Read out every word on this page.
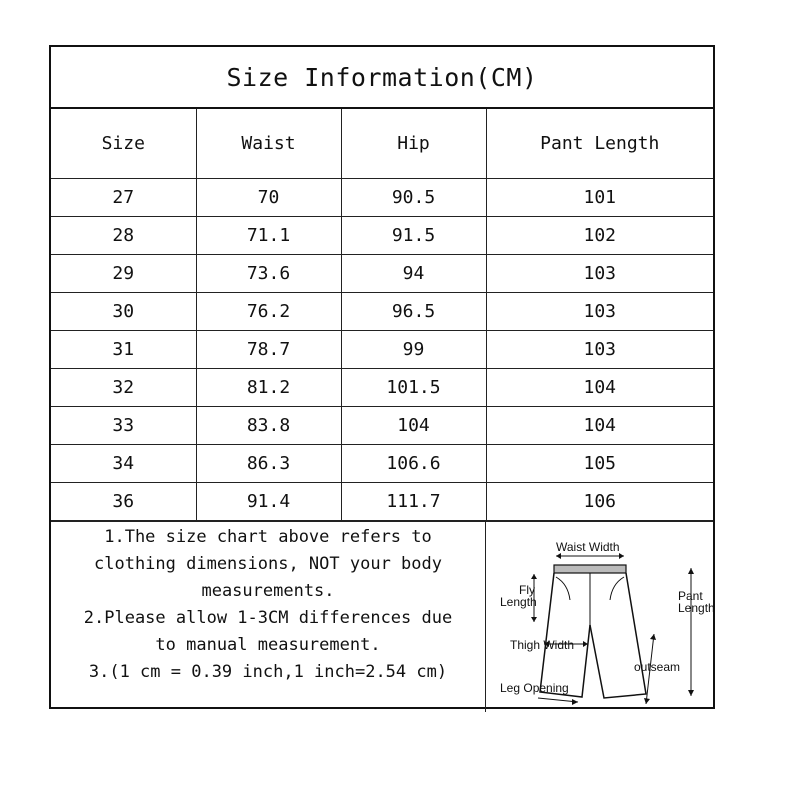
Size Information(CM)
Size	Waist	Hip	Pant Length
27	70	90.5	101
28	71.1	91.5	102
29	73.6	94	103
30	76.2	96.5	103
31	78.7	99	103
32	81.2	101.5	104
33	83.8	104	104
34	86.3	106.6	105
36	91.4	111.7	106
1.The size chart above refers to
clothing dimensions, NOT your body
measurements.
2.Please allow 1-3CM differences due
to manual measurement.
3.(1 cm = 0.39 inch,1 inch=2.54 cm)
Waist Width
Fly
Length	Pant
Length
Thigh Width
outseam
Leg Opening
